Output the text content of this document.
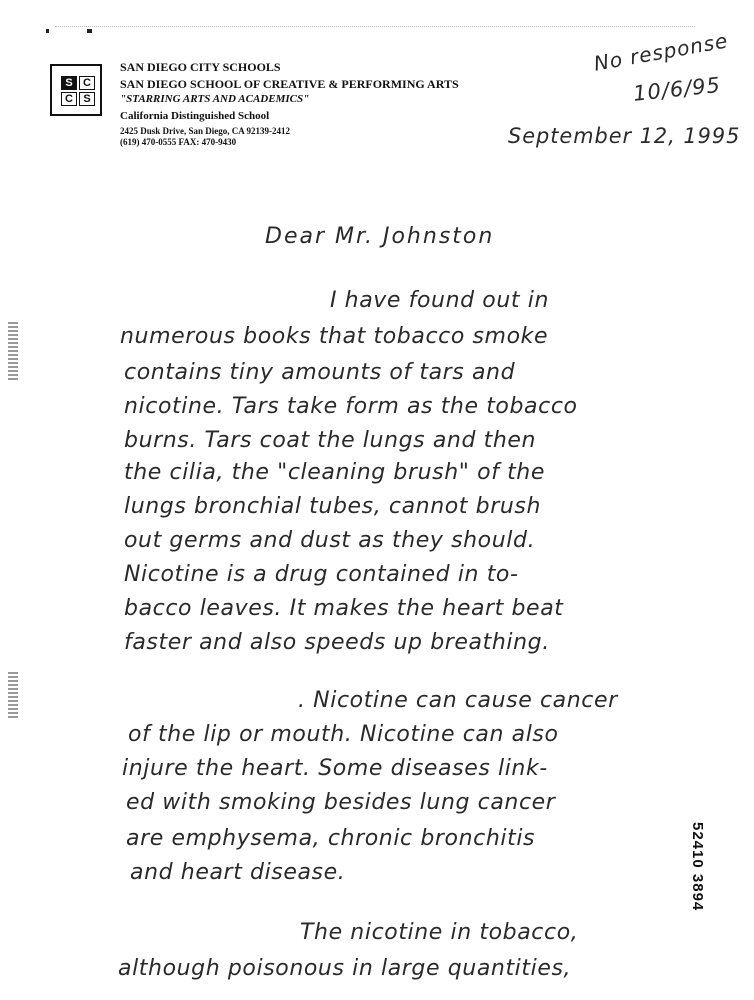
S C
C S
SAN DIEGO CITY SCHOOLS
SAN DIEGO SCHOOL OF CREATIVE & PERFORMING ARTS
"STARRING ARTS AND ACADEMICS"
California Distinguished School
2425 Dusk Drive, San Diego, CA 92139-2412
(619) 470-0555 FAX: 470-9430
No response
10/6/95
September 12, 1995
Dear Mr. Johnston
I have found out in
numerous books that tobacco smoke
contains tiny amounts of tars and
nicotine. Tars take form as the tobacco
burns. Tars coat the lungs and then
the cilia, the "cleaning brush" of the
lungs bronchial tubes, cannot brush
out germs and dust as they should.
Nicotine is a drug contained in to-
bacco leaves. It makes the heart beat
faster and also speeds up breathing.
. Nicotine can cause cancer
of the lip or mouth. Nicotine can also
injure the heart. Some diseases link-
ed with smoking besides lung cancer
are emphysema, chronic bronchitis
and heart disease.
The nicotine in tobacco,
although poisonous in large quantities,
52410 3894
